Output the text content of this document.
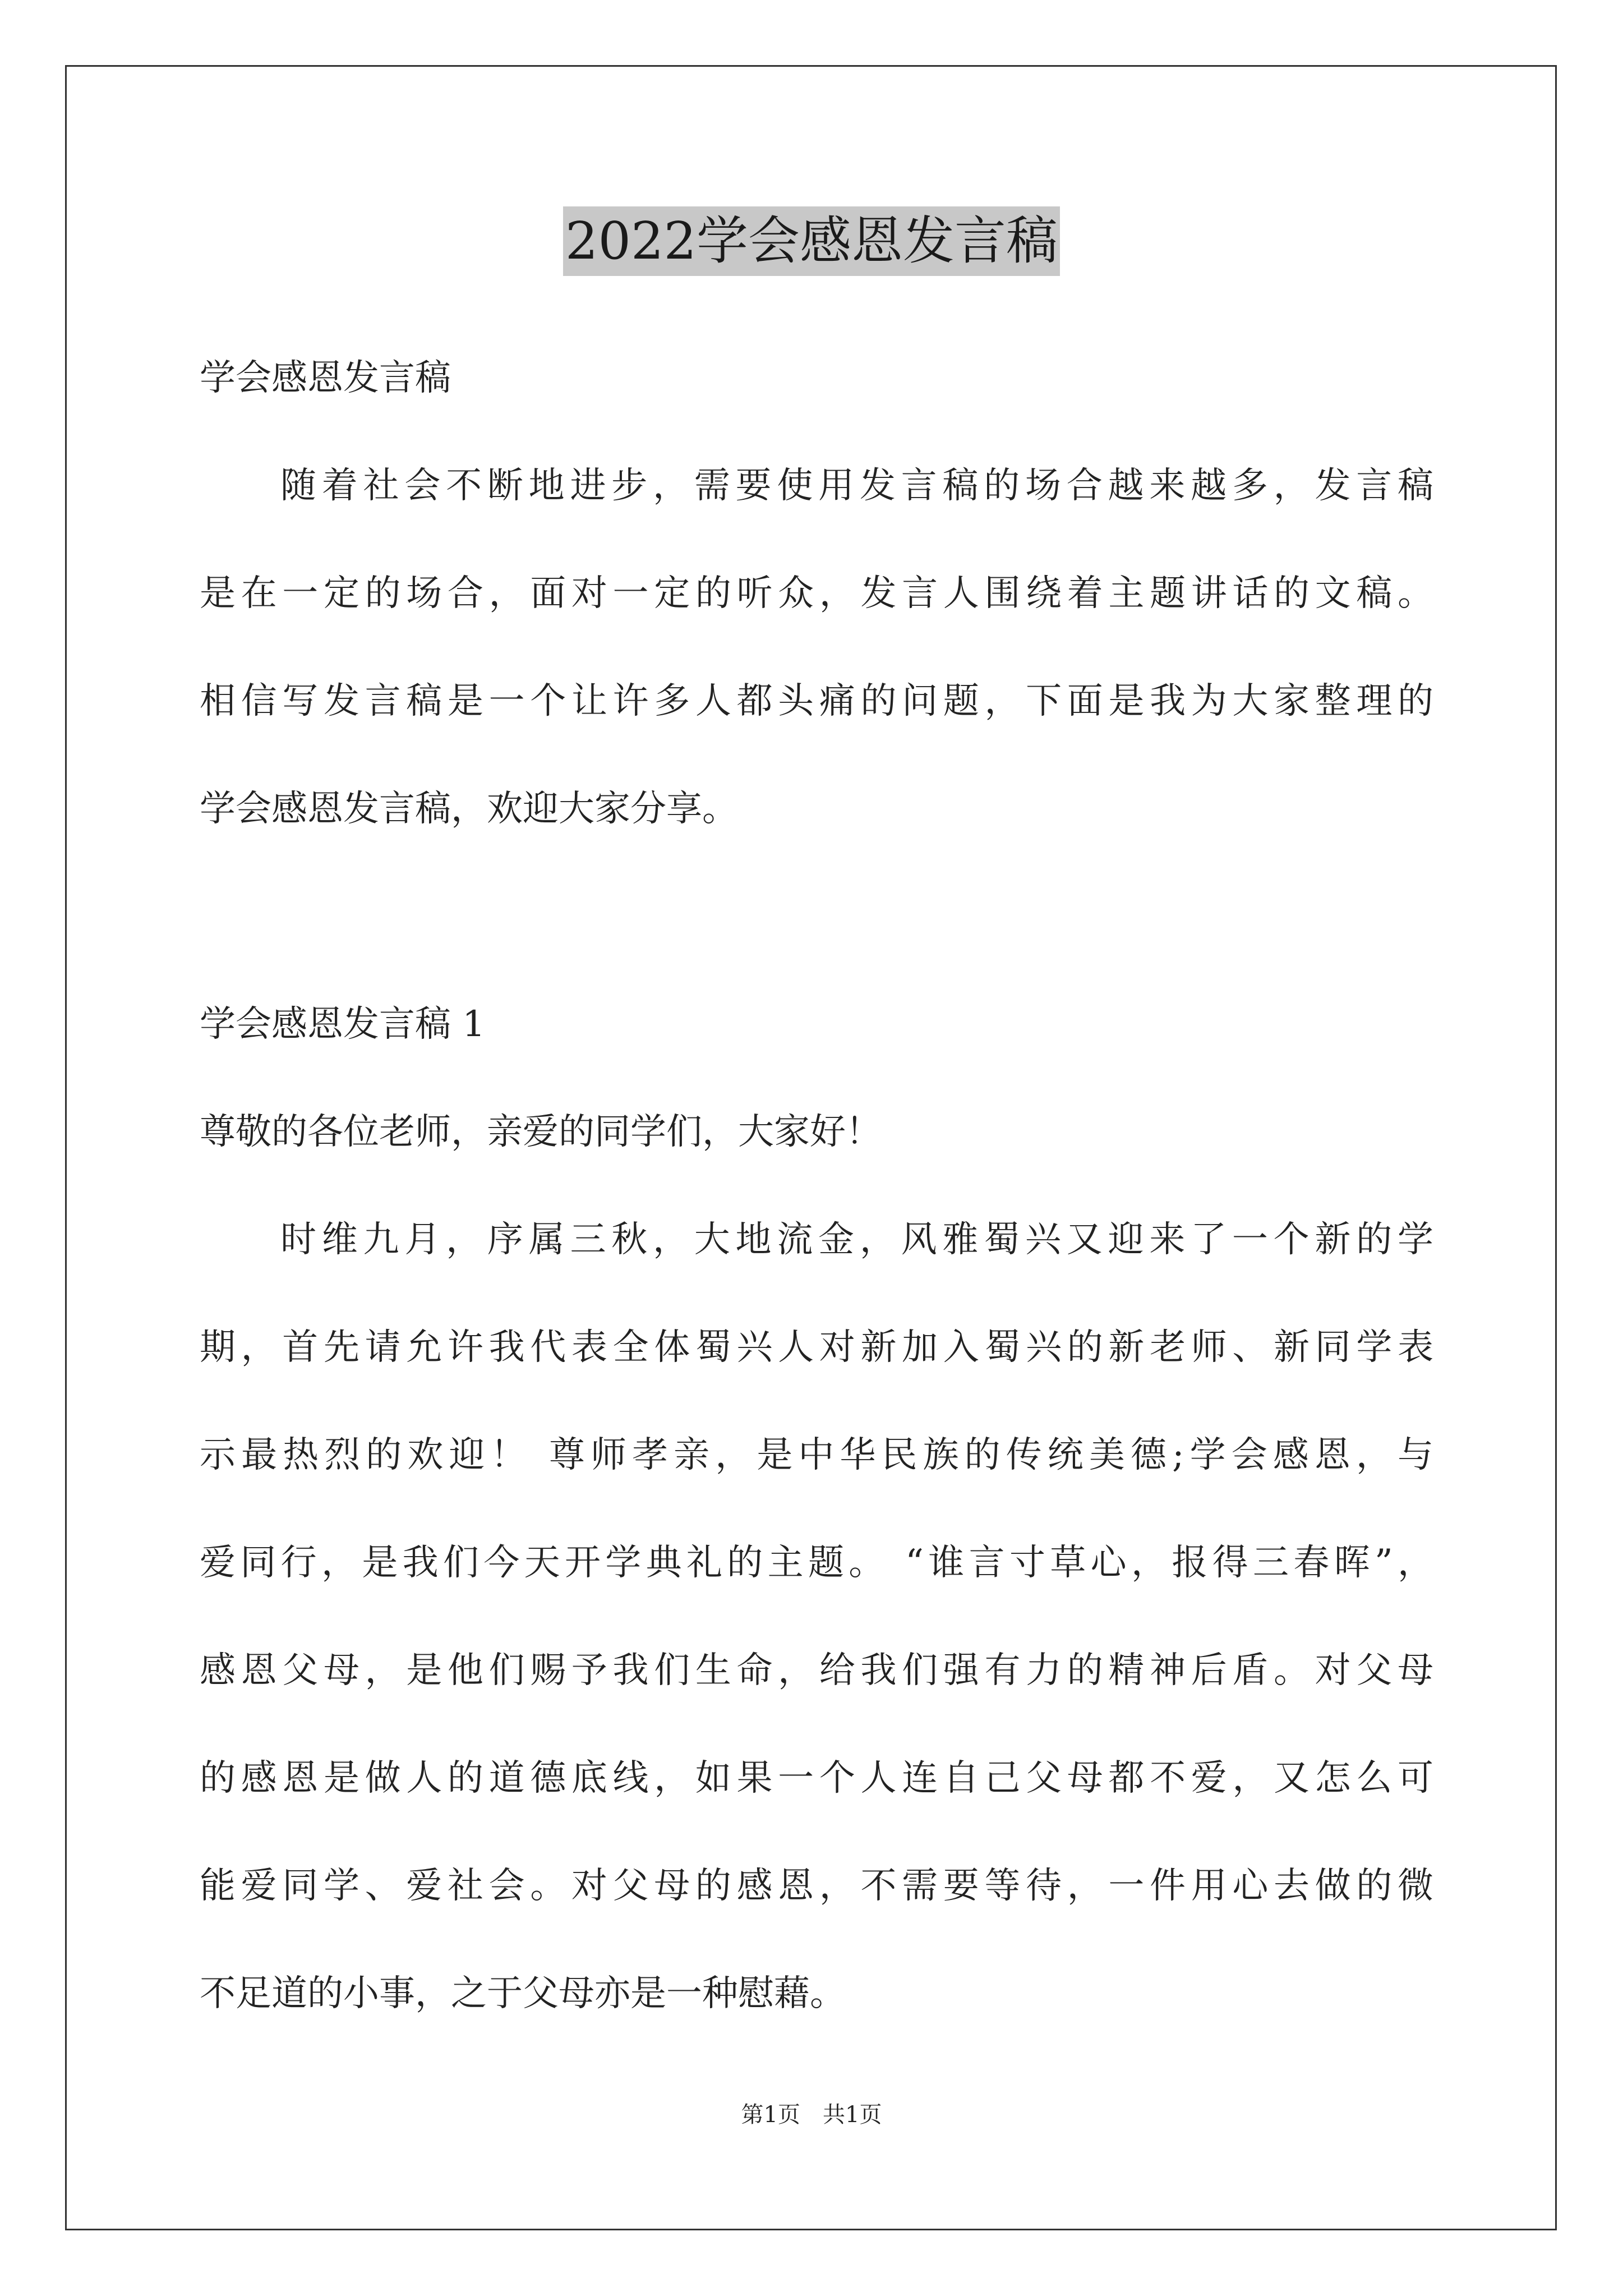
2022学会感恩发言稿
学会感恩发言稿
随着社会不断地进步，需要使用发言稿的场合越来越多，发言稿
是在一定的场合，面对一定的听众，发言人围绕着主题讲话的文稿。
相信写发言稿是一个让许多人都头痛的问题，下面是我为大家整理的
学会感恩发言稿，欢迎大家分享。
学会感恩发言稿 1
尊敬的各位老师，亲爱的同学们，大家好！
时维九月，序属三秋，大地流金，风雅蜀兴又迎来了一个新的学
期，首先请允许我代表全体蜀兴人对新加入蜀兴的新老师、新同学表
示最热烈的欢迎！ 尊师孝亲，是中华民族的传统美德;学会感恩，与
爱同行，是我们今天开学典礼的主题。 “谁言寸草心，报得三春晖”，
感恩父母，是他们赐予我们生命，给我们强有力的精神后盾。对父母
的感恩是做人的道德底线，如果一个人连自己父母都不爱，又怎么可
能爱同学、爱社会。对父母的感恩，不需要等待，一件用心去做的微
不足道的小事，之于父母亦是一种慰藉。
第1页　共1页
